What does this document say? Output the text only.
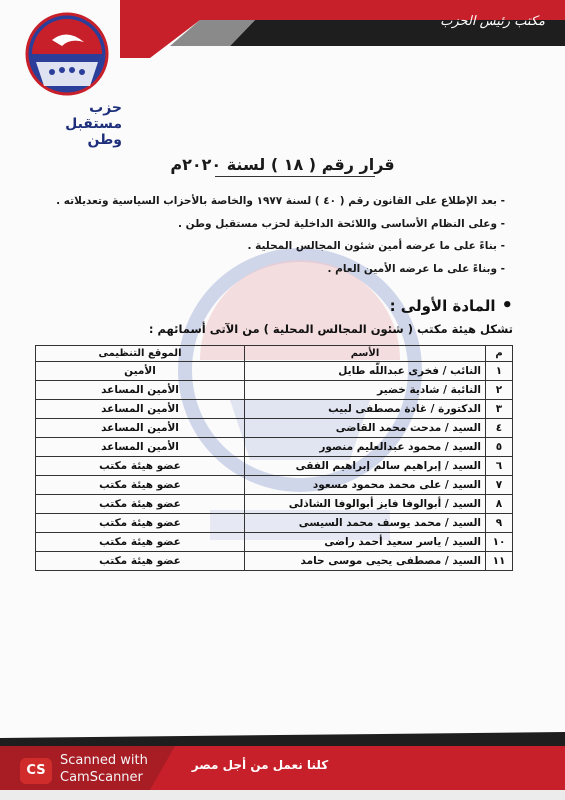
مكتب رئيس الحزب
حزب مستقبل وطن
قرار رقم ( ١٨ ) لسنة ٢٠٢٠م
- بعد الإطلاع على القانون رقم ( ٤٠ ) لسنة ١٩٧٧ والخاصة بالأحزاب السياسية وتعديلاته .
- وعلى النظام الأساسى واللائحة الداخلية لحزب مستقبل وطن .
- بناءً على ما عرضه أمين شئون المجالس المحلية .
- وبناءً على ما عرضه الأمين العام .
•المادة الأولى :
تشكل هيئة مكتب ( شئون المجالس المحلية ) من الآتى أسمائهم :
م	الأسم	الموقع التنظيمى
١	النائب / فخرى عبداللّه طايل	الأمين
٢	النائبة / شادية خضير	الأمين المساعد
٣	الدكتورة / غادة مصطفى لبيب	الأمين المساعد
٤	السيد / مدحت محمد القاضى	الأمين المساعد
٥	السيد / محمود عبدالعليم منصور	الأمين المساعد
٦	السيد / إبراهيم سالم إبراهيم الفقى	عضو هيئة مكتب
٧	السيد / على محمد محمود مسعود	عضو هيئة مكتب
٨	السيد / أبوالوفا فايز أبوالوفا الشاذلى	عضو هيئة مكتب
٩	السيد / محمد يوسف محمد السيسى	عضو هيئة مكتب
١٠	السيد / ياسر سعيد أحمد راضى	عضو هيئة مكتب
١١	السيد / مصطفى يحيى موسى حامد	عضو هيئة مكتب
كلنا نعمل من أجل مصر
CS
Scanned with
CamScanner
